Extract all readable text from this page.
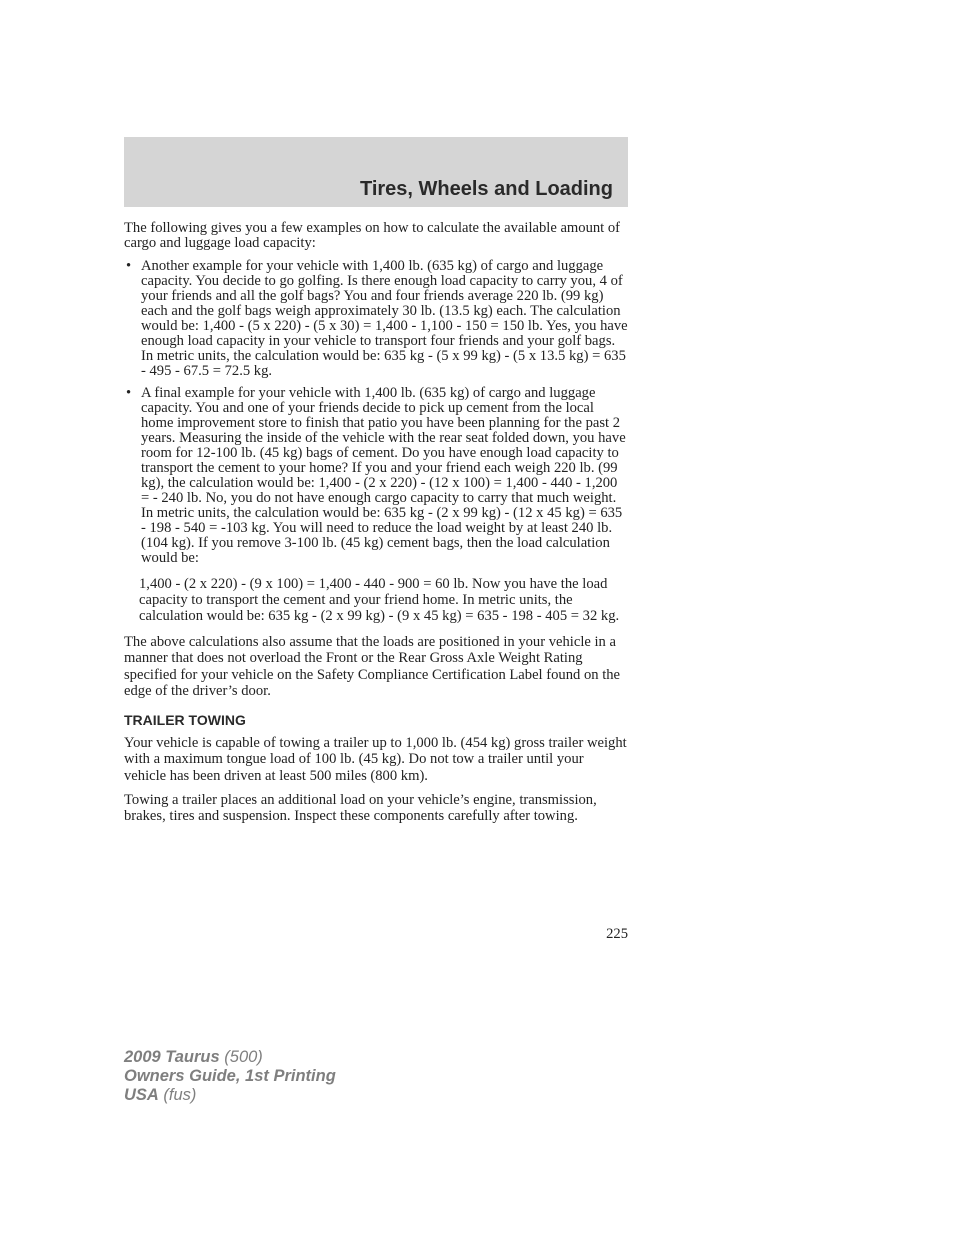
Tires, Wheels and Loading

The following gives you a few examples on how to calculate the available amount of cargo and luggage load capacity:

• Another example for your vehicle with 1,400 lb. (635 kg) of cargo and luggage capacity. You decide to go golfing. Is there enough load capacity to carry you, 4 of your friends and all the golf bags? You and four friends average 220 lb. (99 kg) each and the golf bags weigh approximately 30 lb. (13.5 kg) each. The calculation would be: 1,400 - (5 x 220) - (5 x 30) = 1,400 - 1,100 - 150 = 150 lb. Yes, you have enough load capacity in your vehicle to transport four friends and your golf bags. In metric units, the calculation would be: 635 kg - (5 x 99 kg) - (5 x 13.5 kg) = 635 - 495 - 67.5 = 72.5 kg.
• A final example for your vehicle with 1,400 lb. (635 kg) of cargo and luggage capacity. You and one of your friends decide to pick up cement from the local home improvement store to finish that patio you have been planning for the past 2 years. Measuring the inside of the vehicle with the rear seat folded down, you have room for 12-100 lb. (45 kg) bags of cement. Do you have enough load capacity to transport the cement to your home? If you and your friend each weigh 220 lb. (99 kg), the calculation would be: 1,400 - (2 x 220) - (12 x 100) = 1,400 - 440 - 1,200 = - 240 lb. No, you do not have enough cargo capacity to carry that much weight. In metric units, the calculation would be: 635 kg - (2 x 99 kg) - (12 x 45 kg) = 635 - 198 - 540 = -103 kg. You will need to reduce the load weight by at least 240 lb. (104 kg). If you remove 3-100 lb. (45 kg) cement bags, then the load calculation would be:

1,400 - (2 x 220) - (9 x 100) = 1,400 - 440 - 900 = 60 lb. Now you have the load capacity to transport the cement and your friend home. In metric units, the calculation would be: 635 kg - (2 x 99 kg) - (9 x 45 kg) = 635 - 198 - 405 = 32 kg.

The above calculations also assume that the loads are positioned in your vehicle in a manner that does not overload the Front or the Rear Gross Axle Weight Rating specified for your vehicle on the Safety Compliance Certification Label found on the edge of the driver’s door.

TRAILER TOWING

Your vehicle is capable of towing a trailer up to 1,000 lb. (454 kg) gross trailer weight with a maximum tongue load of 100 lb. (45 kg). Do not tow a trailer until your vehicle has been driven at least 500 miles (800 km).

Towing a trailer places an additional load on your vehicle’s engine, transmission, brakes, tires and suspension. Inspect these components carefully after towing.

225
2009 Taurus (500)
Owners Guide, 1st Printing
USA (fus)
